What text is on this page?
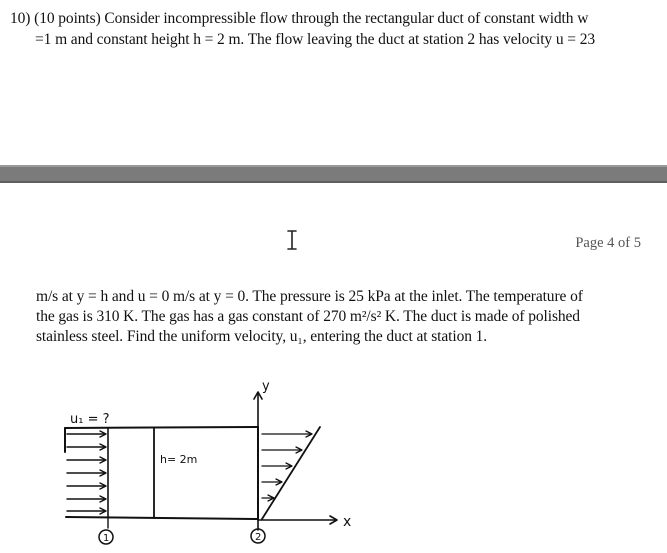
10) (10 points) Consider incompressible flow through the rectangular duct of constant width w
=1 m and constant height h = 2 m. The flow leaving the duct at station 2 has velocity u = 23
Page 4 of 5
m/s at y = h and u = 0 m/s at y = 0. The pressure is 25 kPa at the inlet. The temperature of
the gas is 310 K. The gas has a gas constant of 270 m²/s² K. The duct is made of polished
stainless steel. Find the uniform velocity, u₁, entering the duct at station 1.
u₁ = ?
h= 2m
y
x
1	2
